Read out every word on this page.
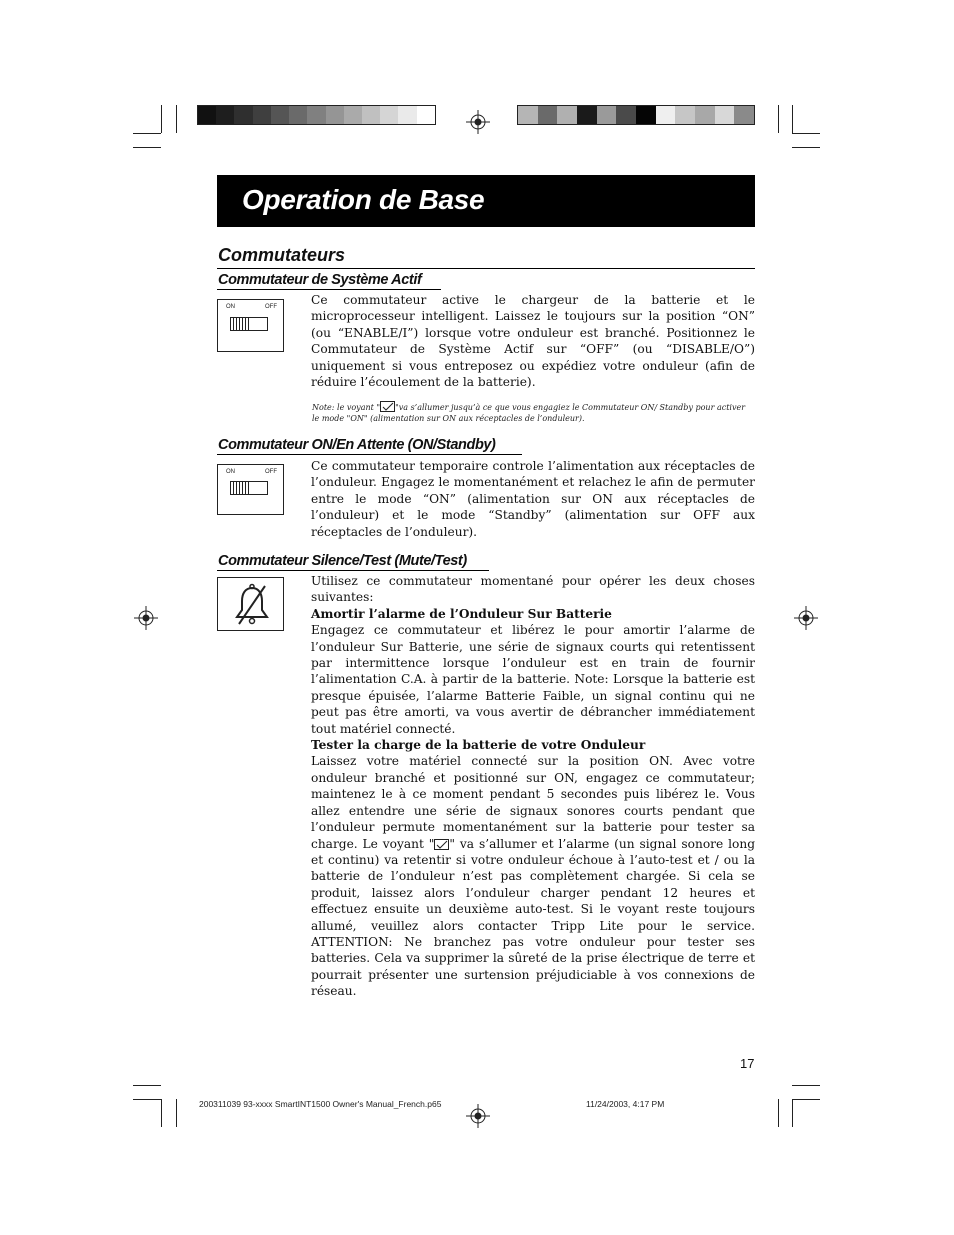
Operation de Base
Commutateurs
Commutateur de Système Actif
ON	OFF	Ce commutateur active le chargeur de la batterie et le microprocesseur intelligent. Laissez le toujours sur la position “ON” (ou “ENABLE/I”) lorsque votre onduleur est branché. Positionnez le Commutateur de Système Actif sur “OFF” (ou “DISABLE/O”) uniquement si vous entreposez ou expédiez votre onduleur (afin de réduire l’écoulement de la batterie).

Note: le voyant " "va s’allumer jusqu’à ce que vous engagiez le Commutateur ON/ Standby pour activer le mode "ON" (alimentation sur ON aux réceptacles de l’onduleur).
Commutateur ON/En Attente (ON/Standby)
ON	OFF	Ce commutateur temporaire controle l’alimentation aux réceptacles de l’onduleur. Engagez le momentanément et relachez le afin de permuter entre le mode “ON” (alimentation sur ON aux réceptacles de l’onduleur) et le mode “Standby” (alimentation sur OFF aux réceptacles de l’onduleur).

Commutateur Silence/Test (Mute/Test)

Utilisez ce commutateur momentané pour opérer les deux choses suivantes:

Amortir l’alarme de l’Onduleur Sur Batterie

Engagez ce commutateur et libérez le pour amortir l’alarme de l’onduleur Sur Batterie, une série de signaux courts qui retentissent par intermittence lorsque l’onduleur est en train de fournir l’alimentation C.A. à partir de la batterie. Note: Lorsque la batterie est presque épuisée, l’alarme Batterie Faible, un signal continu qui ne peut pas être amorti, va vous avertir de débrancher immédiatement tout matériel connecté.

Tester la charge de la batterie de votre Onduleur

Laissez votre matériel connecté sur la position ON. Avec votre onduleur branché et positionné sur ON, engagez ce commutateur; maintenez le à ce moment pendant 5 secondes puis libérez le. Vous allez entendre une série de signaux sonores courts pendant que l’onduleur permute momentanément sur la batterie pour tester sa charge. Le voyant " " va s’allumer et l’alarme (un signal sonore long et continu) va retentir si votre onduleur échoue à l’auto-test et / ou la batterie de l’onduleur n’est pas complètement chargée. Si cela se produit, laissez alors l’onduleur charger pendant 12 heures et effectuez ensuite un deuxième auto-test. Si le voyant reste toujours allumé, veuillez alors contacter Tripp Lite pour le service. ATTENTION: Ne branchez pas votre onduleur pour tester ses batteries. Cela va supprimer la sûreté de la prise électrique de terre et pourrait présenter une surtension préjudiciable à vos connexions de réseau.

17
200311039 93-xxxx SmartINT1500 Owner's Manual_French.p65	11/24/2003, 4:17 PM
